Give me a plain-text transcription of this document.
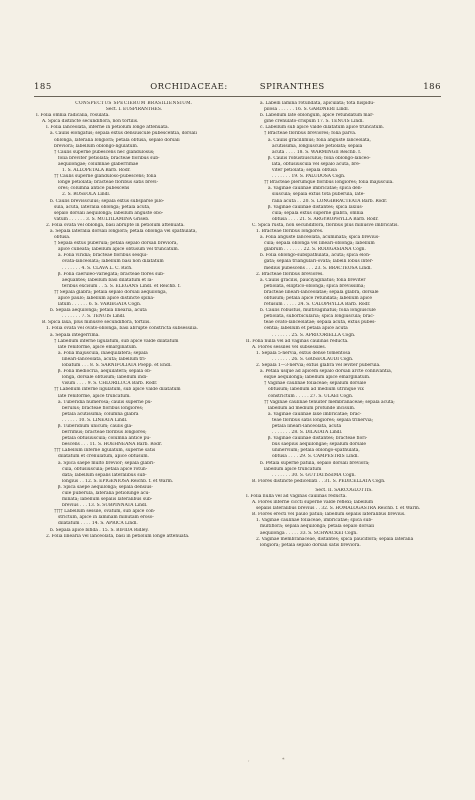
185	ORCHIDACEAE:	SPIRANTHES	186
CONSPECTUS SPECIERUM BRASILIENSIUM.
Sect. I. EUSPIRANTHES.
I. Folia omnia radicalia, rosulata.
A. Spica distincte secundiflora, non tortilis.
I. Folia lanceolata, inferne in petiolum longe attenuata.
a. Caulis elongatus; sepala extus densiuscule pubescentia, dorsali
oblonga, lateralia longiora; petala obtusa, sepalo dorsali
breviora; labellum oblongo-ligulatum.
† Caulis superne pubescens nec glandulosus;
folia breviter petiolata; bracteae floribus sub-
aequilongae; columnae glaberrimae
1. S. ALLOPETALA Barb. Rodr.
†† Caulis superne glanduloso-pubescens; folia
longe petiolata; bracteae floribus satis brevi-
ores; columna antice pubescens
2. S. ROSEOLA Lindl.
b. Caulis brevissculus; sepala extus subsparse pilo-
sula, acuta, lateralia oblonga; petala acuta,
sepalo dorsali aequilonga; labellum anguste obo-
vatum . . . . . . 3. S. MULTILAMINA Griseb.
2. Folia ovata vel oblonga, basi abrupte in petiolum attenuata.
a. Sepala lateralia dorsali longiora; petala oblonga vel spathulata,
obtusa.
† Sepala extus puberula; petala sepalo dorsali breviora,
apice cuneata; labellum apice obtusum vel truncatum.
a. Folia viridia; bracteae floribus sesqui-
ovata-lanceolata; labellum basi non dilatatum
. . . . . . . 4. S. CLAVA L. C. Rich.
β. Folia caeruleo-variegata; bracteae flores sub-
aequantes; labellum basi dilatatum et la-
teribus excisum . . 5. S. ELEGANS Lindl. et Reichb. f.
†† Sepala glabra; petala sepalo dorsali aequilonga,
apice paulo; labellum apice distincte spina-
latum . . . . . . 6. S. VARIEGATA Cogn.
b. Sepala aequilonga; petala linearia, acuta
. . . . . . . 7. S. TENUIS Lindl.
B. Spica laxa, plus minusve secundiflora, tortilis.
1. Folia ovata vel ovato-oblonga, basi abrupte constricta subsessilia.
a. Sepala integerrima.
† Labellum inferne ligulatum, sub apice valde dilatatum
late reniforme, apice emarginatum.
a. Folia majuscula, inaequilatera; sepala
lineari-lanceolata, acuta; labellum tri-
lobatum . . . 8. S. SARNIFOLIATA Poepp. et Endl.
β. Folia mediocria, aequilatera; sepala ob-
longa, dorsale obtusum; labellum indi-
visum . . . . 9. S. CHLORILUCA Barb. Rodr.
†† Labellum inferne ligulatum, sub apice valde dilatatum
late reniforme, apice truncatum.
a. Tuberidia numerosa; caulis superne pu-
berulus; bracteae floribus longiores;
petala acutissima; columna glabra
. . . . . . 10. S. LINEATA Lindl.
β. Tuberidium unicum; caulis gla-
berrimus; bracteae floribus longiores;
petala obtusiuscula; columna antice pu-
bescens . . . 11. S. HOEHNEANA Barb. Rodr.
††† Labellum inferne ligulatum, superne satis
dilatatum et crenulatum, apice obtusum.
a. Spica saepe multo brevior; sepala glabri-
cula, obtusiuscula; petala apice rotun-
data; labellum sepalis lateralibus sub-
longius . . 12. S. EPIGENIOSA Reichb. f. et Warm.
β. Spica saepe aequilonga; sepala densius-
cule puberula, lateralia petiolunge acu-
minata; labellum sepalis lateralibus sub-
brevius . . . 13. S. SUBPINNATA Lindl.
†††† Labellum sessile, ovatum, sub apice con-
strictum, apice in laminam minutam eroso-
dilatatum . . . . 14. S. APRICA Lindl.
b. Sepala apice bifida . 15. S. BIFIDA Ridley.
2. Folia linearia vel lanceolata, basi in petiolum longe attenuata.
a. Labelli lamina rotundata, apiculata; tota hispidu-
pilosa . . . . . . 16. S. GARDNERI Lindl.
b. Labellum late oblongum, apice retundatum mar-
gine crenulato-crispum 17. S. TENUIS Lindl.
c. Labellum sub apice valde dilatatum apice truncatum.
† Bracteae floribus breviores; folia parva.
a. Caulis gracillimus; folia anguste lanceolata,
acutissima, longiuscule petiolata; sepala
acuta . . . . 18. S. WARMINGII Reichb. f.
β. Caulis robustiusculus; folia oblongo-lanceo-
lata, obtusiuscula vel sepalo acuta, bre-
viter petiolata; sepala obtusa
. . . . . . . 19. S. PALUDOSA Cogn.
†† Bracteae plerumque floribus longiores; folia majuscula.
a. Vaginae caulinae imbricatae; spica den-
siuscula; sepala extus tota puberula, late-
ralia acuta . . 20. S. LONGIBRACTEATA Barb. Rodr.
β. Vaginae caulinae distantes; spica laxius-
cula; sepala extus superne glabra, omnia
obtusa . . . . 21. S. ARGYROPHYLLA Barb. Rodr.
C. Spica rusta, non secundiflora, floribus plus minusve imbricatis.
1. Bracteae floribus longiores.
a. Folia anguste lanceolata, acuminata; spica brevius-
cula; sepala oblonga vel lineari-oblonga; labellum
glabrum . . . . . . . 22. S. RODIGASIANA Cogn.
b. Folia oblongo-subspathulata, acuta; spica elon-
gata; sepala triangulari-ovata; labelli lobus inter-
medius pubescens . . . 23. S. BRACTEOSA Lindl.
2. Bracteae floribus breviores.
a. Caulis gracilis, pauciyaginatus; folia breviter
petiolata, elliptico-oblonga; spica brevissima;
bracteae lineari-lanceolatae; sepala glabra, dorsale
obtusum; petala apice retundata; labellum apice
retusum . . . . . 24. S. CALOPHYLLA Barb. Rodr.
b. Caulis robustus, multivaginatus; folia longiuscule
petiolata, suborbicularia; spica longiuscula; brac-
teae ovato-lanceolatae; sepala acuta, extus pubes-
centia; labellum et petala apice acuta
. . . . . . . 25. S. APRICORIELLA Cogn.
II. Folia nulla vel ad vaginas caulinas reducta.
A. Flores sessiles vel subsessiles.
1. Sepala 5-nervia, extus dense tomentosa
. . . . . . . 26. S. GRISEOLAUDI Cogn.
2. Sepala 1—3-nervia; extus glabra vel leviter puberula.
a. Petala usque ad apicem sepalo dorsali arcte connivantia,
eique aequilonga; labellum apice emarginatum.
† Vaginae caulinae foliaceae; sepalum dorsale
obtusum; labellum ad medium utrinque vix
constrictum . . . . . 27. S. ULAEI Cogn.
†† Vaginae caulinae tenuiter membranaceae; sepala acuta;
labellum ad medium profunde incisum.
a. Vaginae caulinae laxe imbricatae; brac-
teae floribus satis longiores; sepala trinervia;
petala lineari-lanceolata, acuta
. . . . . . . 28. S. DILATATA Lindl.
β. Vaginae caulinae distantes; bracteae flori-
bus saepius aequilongae; sepalum dorsale
uninervium; petala oblongo-spathulata,
obtusa . . . . 29. S. CAMPESTRIS Lindl.
b. Petala superne patula, sepalo dorsali breviora;
labellum apice truncatum
. . . . . . . 30. S. GUTTATISSIMA Cogn.
B. Flores distincte pedicellati . . 31. S. PEDICELLATA Cogn.
Sect. II. SARCOGLOTTIS.
I. Folia nulla vel ad vaginas caulinas reducta.
A. Flores inferne ciccti superne valde reflexi; labellum
sepalis lateralibus brevius . . 32. S. HOMALOGASTRA Reichb. f. et Warm.
B. Flores erecti vel paulo patuli; labellum sepalis lateralibus brevius.
1. Vaginae caulinae foliaceae, imbricatae; spica sub-
multiflora; sepala aequilonga; petala sepalo dorsali
aequilonga . . . . . 33. S. SCHWACKEI Cogn.
2. Vaginae membranaceae, distantes; spica pauciflora; sepala lateralia
longiora; petala sepalo dorsali satis breviora.
,	*
